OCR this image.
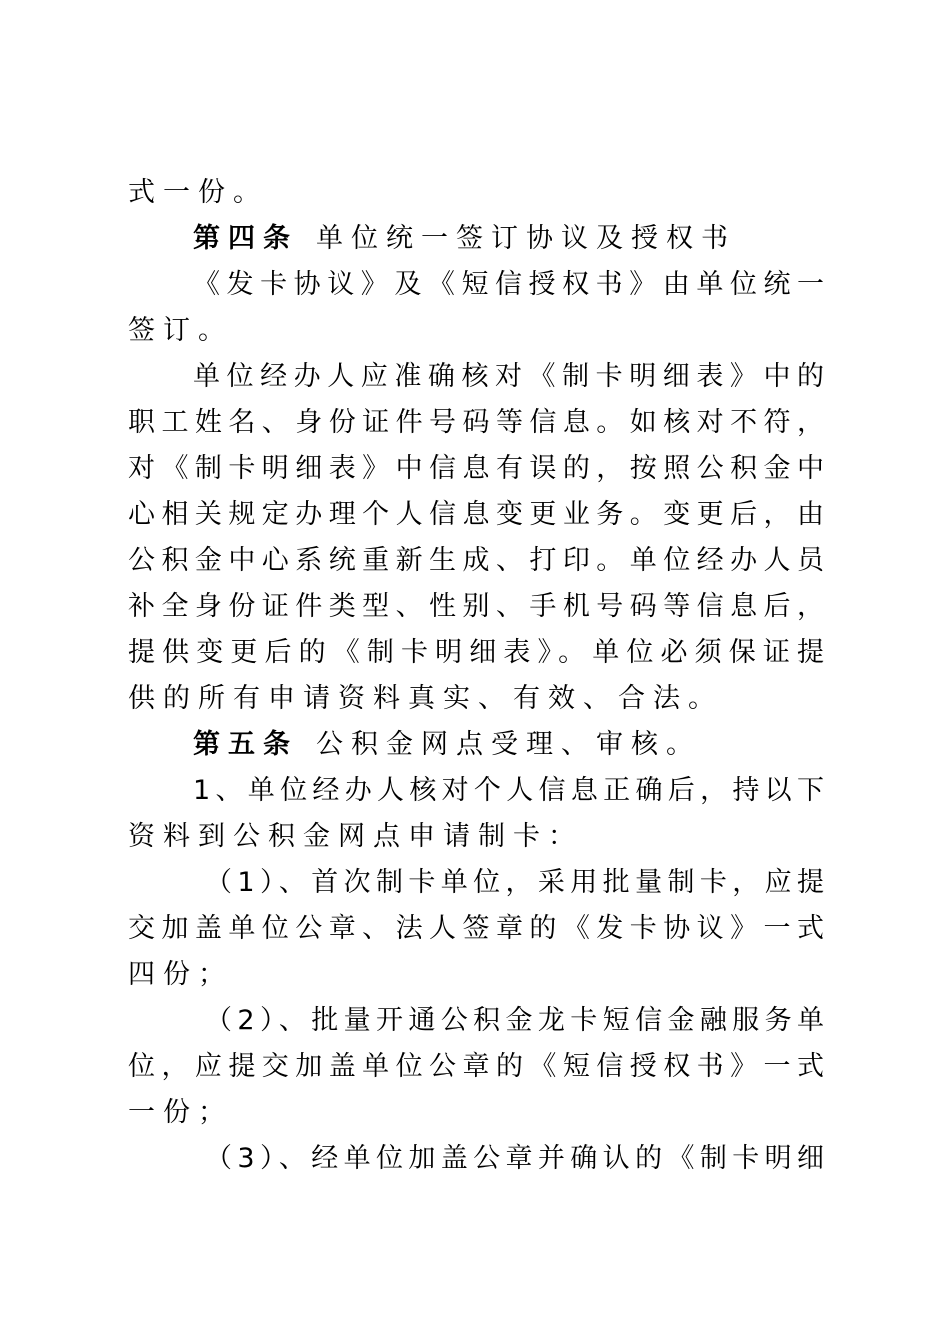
式一份。
第四条 单位统一签订协议及授权书
《发卡协议》及《短信授权书》由单位统一
签订。
单位经办人应准确核对《制卡明细表》中的
职工姓名、身份证件号码等信息。如核对不符，
对《制卡明细表》中信息有误的，按照公积金中
心相关规定办理个人信息变更业务。变更后，由
公积金中心系统重新生成、打印。单位经办人员
补全身份证件类型、性别、手机号码等信息后，
提供变更后的《制卡明细表》。单位必须保证提
供的所有申请资料真实、有效、合法。
第五条 公积金网点受理、审核。
1、单位经办人核对个人信息正确后，持以下
资料到公积金网点申请制卡：
（1）、首次制卡单位，采用批量制卡，应提
交加盖单位公章、法人签章的《发卡协议》一式
四份；
（2）、批量开通公积金龙卡短信金融服务单
位，应提交加盖单位公章的《短信授权书》一式
一份；
（3）、经单位加盖公章并确认的《制卡明细
